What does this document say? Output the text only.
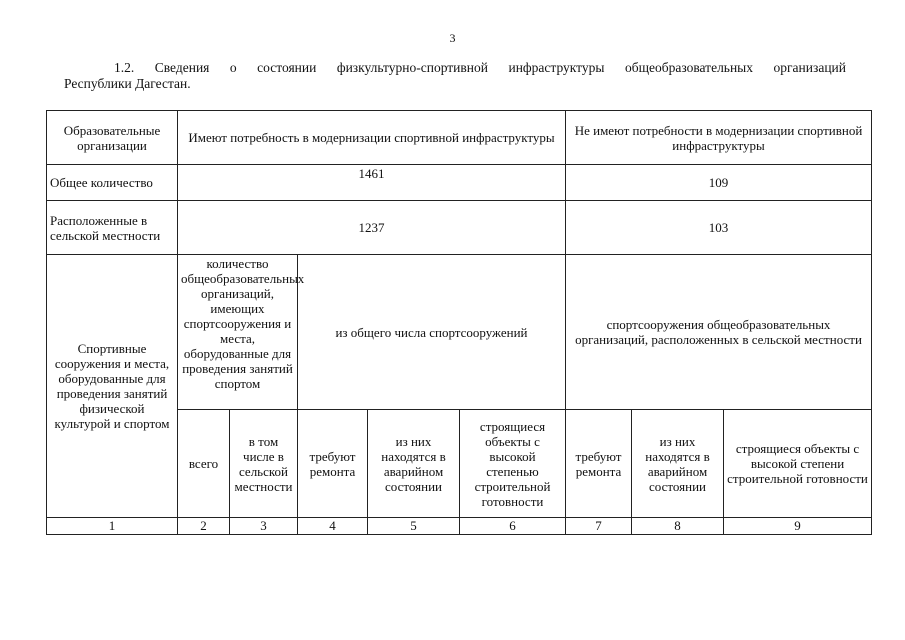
3
1.2. Сведения о состоянии физкультурно-спортивной инфраструктуры общеобразовательных организаций
Республики Дагестан.
Образовательные организации	Имеют потребность в модернизации спортивной инфраструктуры					Не имеют потребности в модернизации спортивной инфраструктуры		
Общее количество	1461					109		
Расположенные в сельской местности	1237					103		
Спортивные сооружения и места, оборудованные для проведения занятий физической культурой и спортом	количество общеобразовательных организаций, имеющих спортсооружения и места, оборудованные для проведения занятий спортом		из общего числа спортсооружений			спортсооружения общеобразовательных организаций, расположенных в сельской местности		
	всего	в том числе в сельской местности	требуют ремонта	из них находятся в аварийном состоянии	строящиеся объекты с высокой степенью строительной готовности	требуют ремонта	из них находятся в аварийном состоянии	строящиеся объекты с высокой степени строительной готовности
1	2	3	4	5	6	7	8	9
